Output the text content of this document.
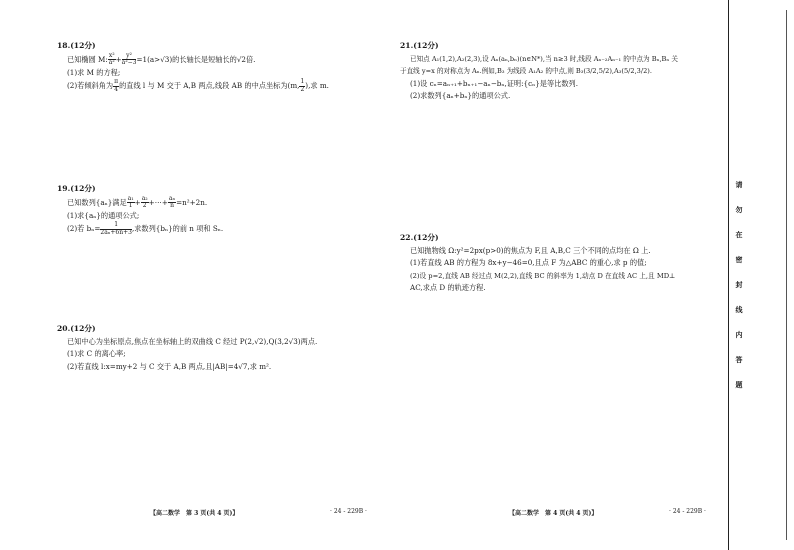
18.(12分)
已知椭圆 M: $\frac{\text{x²}}{\text{a²}} + \frac{\text{y²}}{\text{a²−3}} =1(a>√3)$的长轴长是短轴长的√2倍.
(1)求 M 的方程;
(2)若倾斜角为 $\frac{\pi}{4}$ 的直线 l 与 M 交于 A,B 两点,线段 AB 的中点坐标为(m, $\frac{1}{2}$ ),求 m.
19.(12分)
已知数列{aₙ}满足 $\frac{\text{a₁}}{1} + \frac{\text{a₂}}{2}$ +⋯+ $\frac{\text{aₙ}}{n} =n^2+2n$.
(1)求{aₙ}的通项公式;
(2)若 $b_n= \frac{1}{\text{2aₙ+6n+3}}$ ,求数列{bₙ}的前 n 项和 Sₙ.
20.(12分)
已知中心为坐标原点,焦点在坐标轴上的双曲线 C 经过 P(2,√2),Q(3,2√3)两点.
(1)求 C 的离心率;
(2)若直线 l:x=my+2 与 C 交于 A,B 两点,且|AB|=4√7,求 m².
【高二数学　第 3 页(共 4 页)】	· 24 - 229B ·
21.(12分)
已知点 A₁(1,2),A₂(2,3),设 Aₙ(aₙ,bₙ)(n∈N*),当 n≥3 时,线段 Aₙ₋₂Aₙ₋₁ 的中点为 Bₙ,Bₙ 关
于直线 y=x 的对称点为 Aₙ.例如,B₃ 为线段 A₁A₂ 的中点,则 B₃(3/2,5/2),A₃(5/2,3/2).
(1)设 cₙ=aₙ₊₁+bₙ₊₁−aₙ−bₙ,证明:{cₙ}是等比数列.
(2)求数列{aₙ+bₙ}的通项公式.
22.(12分)
已知抛物线 Ω:y²=2px(p>0)的焦点为 F,且 A,B,C 三个不同的点均在 Ω 上.
(1)若直线 AB 的方程为 8x+y−46=0,且点 F 为△ABC 的重心,求 p 的值;
(2)设 p=2,直线 AB 经过点 M(2,2),直线 BC 的斜率为 1,动点 D 在直线 AC 上,且 MD⊥
AC,求点 D 的轨迹方程.
【高二数学　第 4 页(共 4 页)】	· 24 - 229B ·
请
勿
在
密
封
线
内
答
题
